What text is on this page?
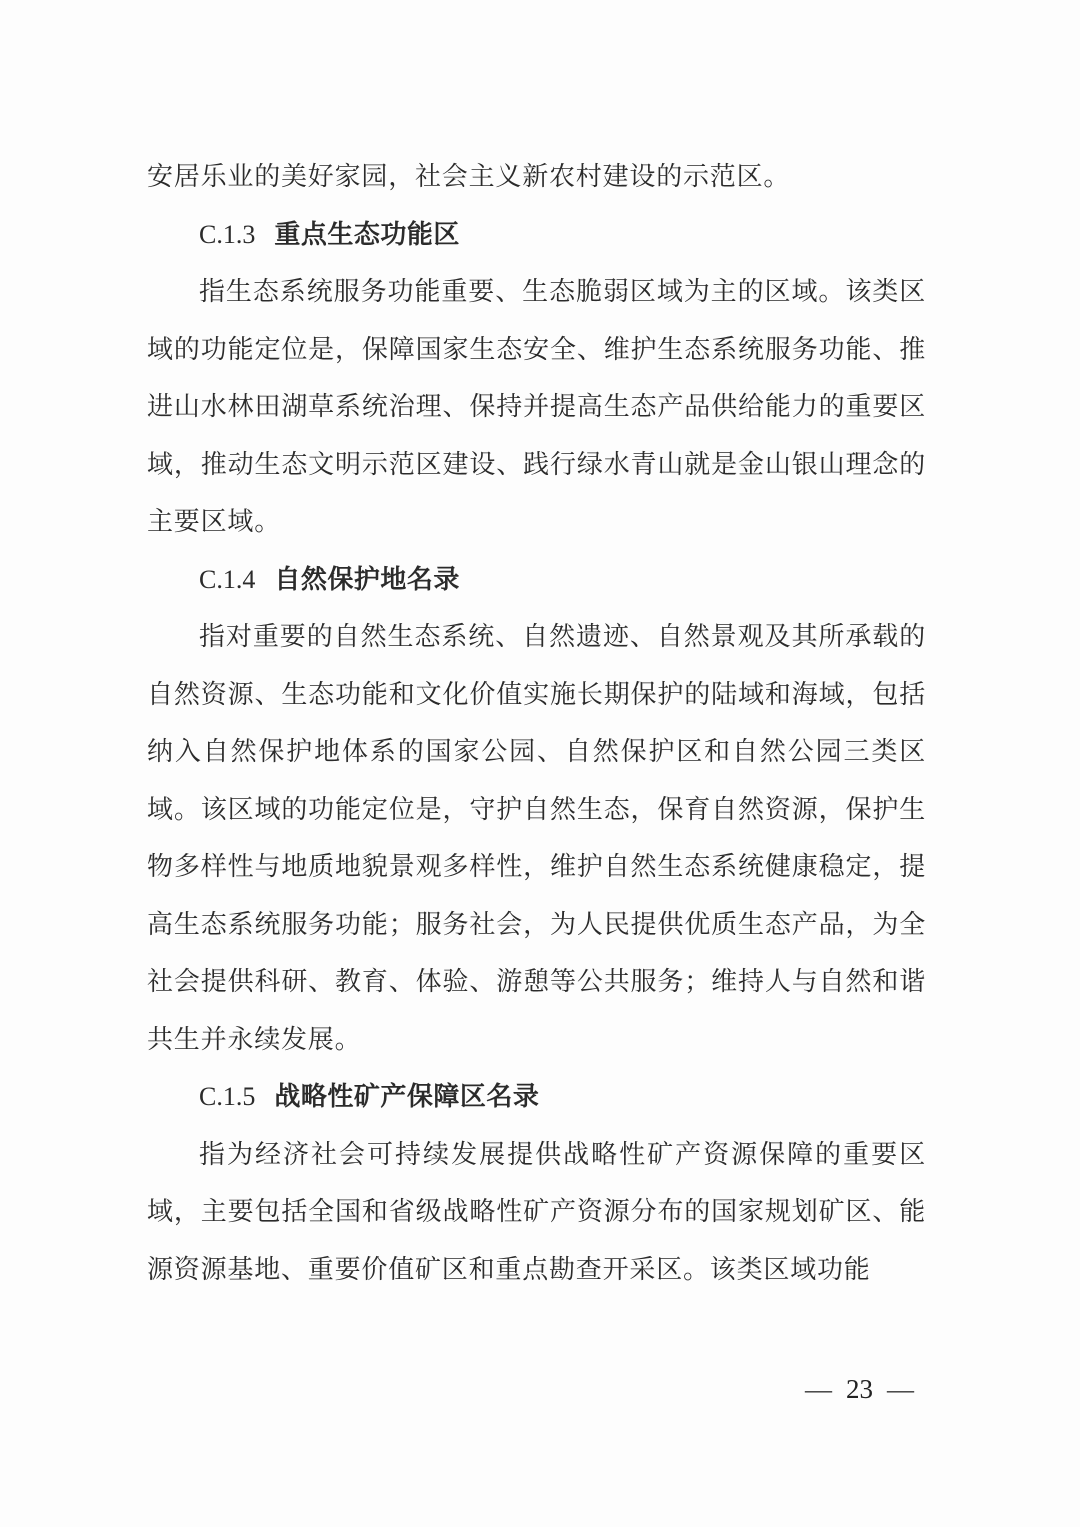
安居乐业的美好家园，社会主义新农村建设的示范区。

C.1.3 重点生态功能区

指生态系统服务功能重要、生态脆弱区域为主的区域。该类区域的功能定位是，保障国家生态安全、维护生态系统服务功能、推进山水林田湖草系统治理、保持并提高生态产品供给能力的重要区域，推动生态文明示范区建设、践行绿水青山就是金山银山理念的主要区域。

C.1.4 自然保护地名录

指对重要的自然生态系统、自然遗迹、自然景观及其所承载的自然资源、生态功能和文化价值实施长期保护的陆域和海域，包括纳入自然保护地体系的国家公园、自然保护区和自然公园三类区域。该区域的功能定位是，守护自然生态，保育自然资源，保护生物多样性与地质地貌景观多样性，维护自然生态系统健康稳定，提高生态系统服务功能；服务社会，为人民提供优质生态产品，为全社会提供科研、教育、体验、游憩等公共服务；维持人与自然和谐共生并永续发展。

C.1.5 战略性矿产保障区名录

指为经济社会可持续发展提供战略性矿产资源保障的重要区域，主要包括全国和省级战略性矿产资源分布的国家规划矿区、能源资源基地、重要价值矿区和重点勘查开采区。该类区域功能

— 23 —
